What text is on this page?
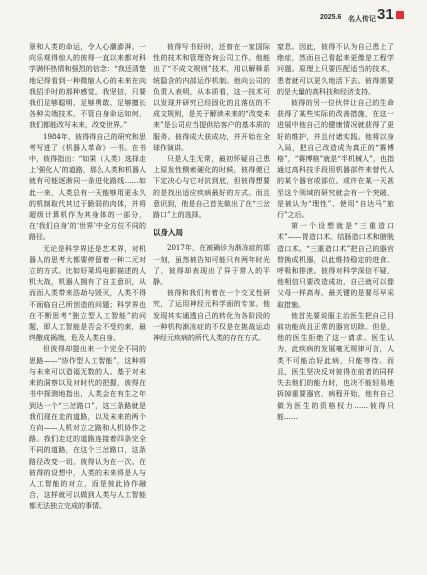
2025.6 名人传记 31

景和人类的命运，令人心潮澎湃。一向乐观得惊人的彼得一直以来都对科学满怀热情和强烈的信念：“我还清楚地记得看到一种微缩人心的未来在向我招手时的那种感觉。我坚信，只要我们足够聪明、足够勇敢、足够擅长各种尖端技术，不管自身命运如何，我们都能改写未来，改变世界。”

1984年，彼得得自己的研究和思考写进了《机器人革命》一书。在书中，彼得指出：“如果（人类）选择走上‘强化人’的道路，那么人类和机器人就有可能逐渐同一条进化路线……如此一来，人类总有一天能够用更永久的机制取代其过于脆弱的肉体，并将超级计算机作为其身体的一部分，在‘我们自身’的‘世界’中全方位不同的路径。

无论是科学界还是艺术界，对机器人的思考大都要停留着一种二元对立的方式。比如好莱坞电影描述的人机大战，机器人拥有了自主意识，从而而人类带来浩劫与毁灭，人类不得不面临自己所创造的问题；科学界也在不断思考“独立型人工智能”的问题，即人工智能是否会不受约束，最终酿成祸端，危及人类自身。

但彼得却提出来一个完全不同的思路——“协作型人工智能”，这种将与未来可以造福无数的人。基于对未来的洞察以及对时代的把握，彼得在书中探测地指出，人类会在有生之年到达一个“三岔路口”，这三条路就是我们现在走的道路，以及未来的两个方向——人机对立之路和人机协作之路。我们走过的道路连接着四条完全不同的道路，在这个三岔路口，这条路径改变一切。彼得认为在一次。在彼得的设想中，人类的未来将是人与人工智能的对立，而是彼此协作融合，这样就可以做到人类与人工智能都无法独立完成的事情。

彼得写书好时，还曾在一家国际性的技术和管理咨询公司工作。他能出了“不成文规则”技术，用以解释系统隐含的内部运作机制。他向公司的负责人表明，从本质看，这一技术可以发现并研究已经固化的且落伍的不成文规则，是关于解读未来的“改变未来”是公司应当提供给客户的基本质的服务。彼得成大获成功，并开始在全球作演讲。

只是人生无常，最初怀疑自己患上原发性侧索硬化的时候，彼得便已下定决心与它对抗到底，但彼得想要的是找出适应疾病最好的方式。而且意识到，他是自己首先做出了在“三岔路口”上的选择。

以身入局

2017年，在被确诊为渐冻症的那一刻，虽然被告知可能只有两年时光了，彼得却表现出了异于常人的平静。

彼得和我们有着在一个交叉性研究，了运用神经元科学面的专家。他发现其实通透自己的转化为各阶段的一种机构渐冻症的不仅是在挑战运动神经元疾病的所代人类的存在方式。

窒息。因此，彼得不认为自己患上了绝症，然而自己看起来更像是工程学问题。原理上只要匹配适当的技术，患者就可以更久地活下去。彼得需要的是大量的高科技和经济支持。

彼得的另一位伙伴让自己的生命获得了某些实际的改善措施，在这一进展中他自己的健康情况就获得了更好的维护，并且付诸实践。他将以身入局，把自己改造成为真正的“赛博格”，“赛博格”就是“半机械人”，也指通过高科技手段用机器部件来替代人的某个器官或部位。或许在某一天甚至这个领域的研究就会有一个突破，是被认为“理性”、使用“自达马”旅行”之后。

第一个设想就是“三重造口术”——胃造口术、结肠造口术和膀胱造口术。“三重造口术”把自己的器官替换成机器，以此维持稳定的进食、呼吸和排泄。彼得对科学深信不疑，他相信只要改造成功，自己就可以像父母一样高寿。最关键的是要尽早采取措施。

他首先要说服主治医生把自己目前功能尚且正常的器官切除。但是，他的医生拒绝了这一请求。医生认为，此疾病的发展毫无规律可言，人类不可能治好此病，只能等待。而且，医生坚决反对彼得在前者的同样失去他们的能力时，也决不能轻易地拆掉重要器官，病程开始，他有自己做为医生的资格权力……彼得只能……
